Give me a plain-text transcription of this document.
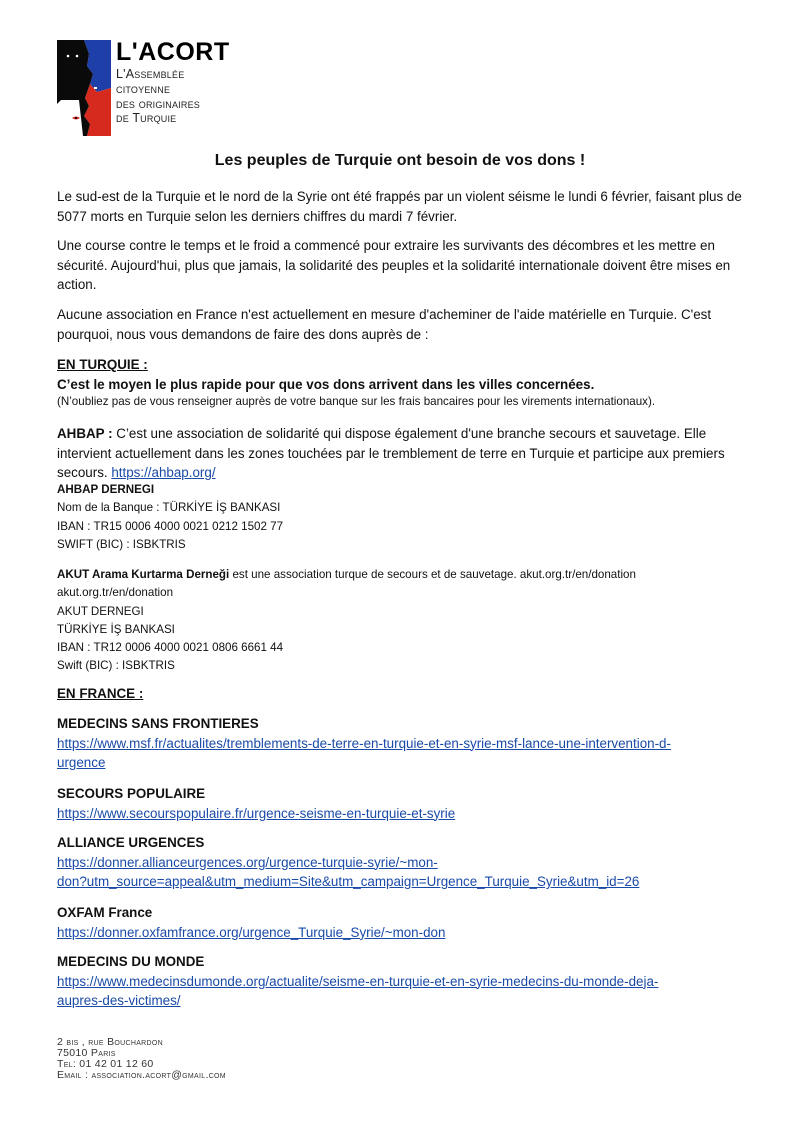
L'ACORT
L'Assemblée
citoyenne
des originaires
de Turquie
Les peuples de Turquie ont besoin de vos dons !

Le sud-est de la Turquie et le nord de la Syrie ont été frappés par un violent séisme le lundi 6 février, faisant plus de 5077 morts en Turquie selon les derniers chiffres du mardi 7 février.

Une course contre le temps et le froid a commencé pour extraire les survivants des décombres et les mettre en sécurité. Aujourd'hui, plus que jamais, la solidarité des peuples et la solidarité internationale doivent être mises en action.

Aucune association en France n'est actuellement en mesure d'acheminer de l'aide matérielle en Turquie. C'est pourquoi, nous vous demandons de faire des dons auprès de :

EN TURQUIE :
C’est le moyen le plus rapide pour que vos dons arrivent dans les villes concernées.
(N’oubliez pas de vous renseigner auprès de votre banque sur les frais bancaires pour les virements internationaux).

AHBAP : C’est une association de solidarité qui dispose également d'une branche secours et sauvetage. Elle intervient actuellement dans les zones touchées par le tremblement de terre en Turquie et participe aux premiers secours. https://ahbap.org/

AHBAP DERNEGI
Nom de la Banque : TÜRKİYE İŞ BANKASI
IBAN : TR15 0006 4000 0021 0212 1502 77
SWIFT (BIC) : ISBKTRIS
AKUT Arama Kurtarma Derneği est une association turque de secours et de sauvetage. akut.org.tr/en/donation
akut.org.tr/en/donation
AKUT DERNEGI
TÜRKİYE İŞ BANKASI
IBAN : TR12 0006 4000 0021 0806 6661 44
Swift (BIC) : ISBKTRIS
EN FRANCE :
MEDECINS SANS FRONTIERES
https://www.msf.fr/actualites/tremblements-de-terre-en-turquie-et-en-syrie-msf-lance-une-intervention-d-
urgence
SECOURS POPULAIRE
https://www.secourspopulaire.fr/urgence-seisme-en-turquie-et-syrie
ALLIANCE URGENCES
https://donner.allianceurgences.org/urgence-turquie-syrie/~mon-
don?utm_source=appeal&utm_medium=Site&utm_campaign=Urgence_Turquie_Syrie&utm_id=26
OXFAM France
https://donner.oxfamfrance.org/urgence_Turquie_Syrie/~mon-don
MEDECINS DU MONDE
https://www.medecinsdumonde.org/actualite/seisme-en-turquie-et-en-syrie-medecins-du-monde-deja-
aupres-des-victimes/
2 bis , rue Bouchardon
75010 Paris
Tel: 01 42 01 12 60
Email : association.acort@gmail.com
